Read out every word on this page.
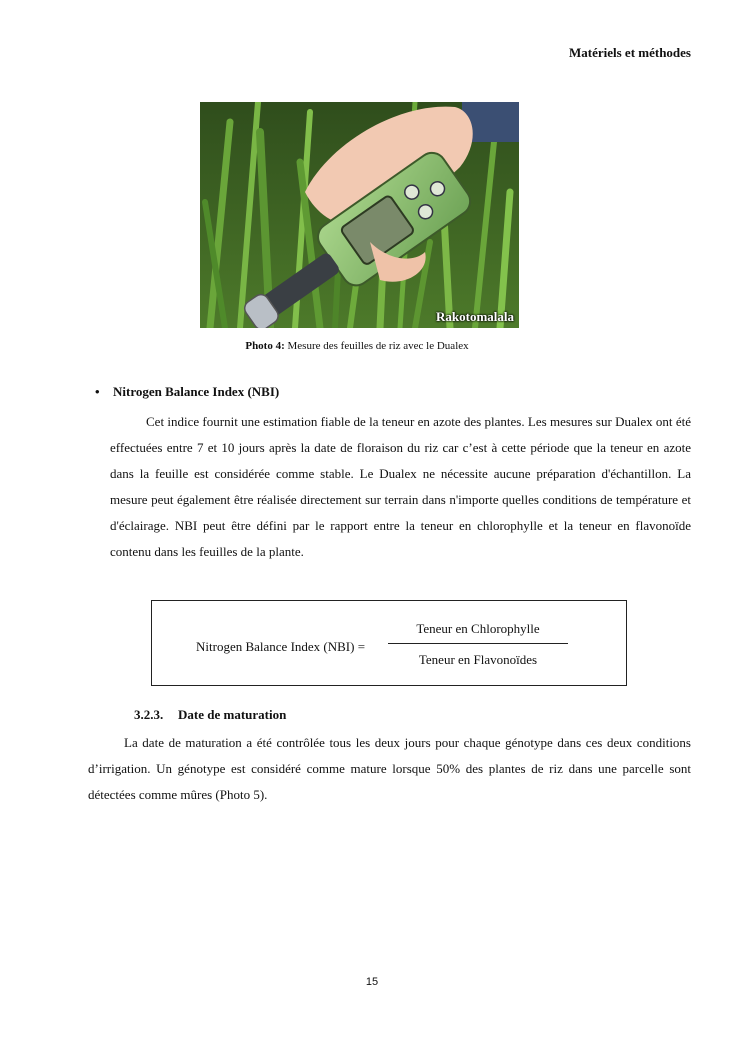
Matériels et méthodes
Rakotomalala
Photo 4: Mesure des feuilles de riz avec le Dualex
• Nitrogen Balance Index (NBI)

Cet indice fournit une estimation fiable de la teneur en azote des plantes. Les mesures sur Dualex ont été effectuées entre 7 et 10 jours après la date de floraison du riz car c’est à cette période que la teneur en azote dans la feuille est considérée comme stable. Le Dualex ne nécessite aucune préparation d'échantillon. La mesure peut également être réalisée directement sur terrain dans n'importe quelles conditions de température et d'éclairage. NBI peut être défini par le rapport entre la teneur en chlorophylle et la teneur en flavonoïde contenu dans les feuilles de la plante.

Nitrogen Balance Index (NBI) =
Teneur en Chlorophylle
Teneur en Flavonoïdes
3.2.3. Date de maturation

La date de maturation a été contrôlée tous les deux jours pour chaque génotype dans ces deux conditions d’irrigation. Un génotype est considéré comme mature lorsque 50% des plantes de riz dans une parcelle sont détectées comme mûres (Photo 5).

15
